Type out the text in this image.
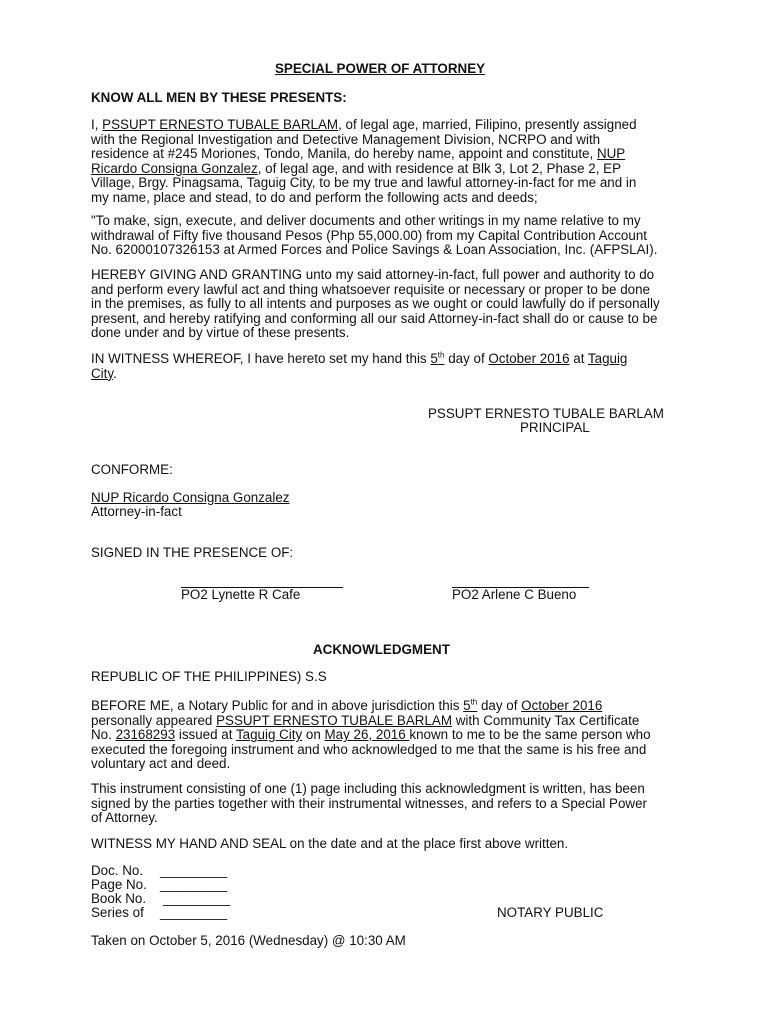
SPECIAL POWER OF ATTORNEY
KNOW ALL MEN BY THESE PRESENTS:
I, PSSUPT ERNESTO TUBALE BARLAM, of legal age, married, Filipino, presently assigned
with the Regional Investigation and Detective Management Division, NCRPO and with
residence at #245 Moriones, Tondo, Manila, do hereby name, appoint and constitute, NUP
Ricardo Consigna Gonzalez, of legal age, and with residence at Blk 3, Lot 2, Phase 2, EP
Village, Brgy. Pinagsama, Taguig City, to be my true and lawful attorney-in-fact for me and in
my name, place and stead, to do and perform the following acts and deeds;
"To make, sign, execute, and deliver documents and other writings in my name relative to my
withdrawal of Fifty five thousand Pesos (Php 55,000.00) from my Capital Contribution Account
No. 62000107326153 at Armed Forces and Police Savings & Loan Association, Inc. (AFPSLAI).
HEREBY GIVING AND GRANTING unto my said attorney-in-fact, full power and authority to do
and perform every lawful act and thing whatsoever requisite or necessary or proper to be done
in the premises, as fully to all intents and purposes as we ought or could lawfully do if personally
present, and hereby ratifying and conforming all our said Attorney-in-fact shall do or cause to be
done under and by virtue of these presents.
IN WITNESS WHEREOF, I have hereto set my hand this 5th day of October 2016 at Taguig
City.
PSSUPT ERNESTO TUBALE BARLAM
PRINCIPAL
CONFORME:
NUP Ricardo Consigna Gonzalez
Attorney-in-fact
SIGNED IN THE PRESENCE OF:
PO2 Lynette R Cafe	PO2 Arlene C Bueno
ACKNOWLEDGMENT
REPUBLIC OF THE PHILIPPINES) S.S
BEFORE ME, a Notary Public for and in above jurisdiction this 5th day of October 2016
personally appeared PSSUPT ERNESTO TUBALE BARLAM with Community Tax Certificate
No. 23168293 issued at Taguig City on May 26, 2016 known to me to be the same person who
executed the foregoing instrument and who acknowledged to me that the same is his free and
voluntary act and deed.
This instrument consisting of one (1) page including this acknowledgment is written, has been
signed by the parties together with their instrumental witnesses, and refers to a Special Power
of Attorney.
WITNESS MY HAND AND SEAL on the date and at the place first above written.
Doc. No. _________
Page No. _________
Book No. _________
Series of _________	NOTARY PUBLIC
Taken on October 5, 2016 (Wednesday) @ 10:30 AM
